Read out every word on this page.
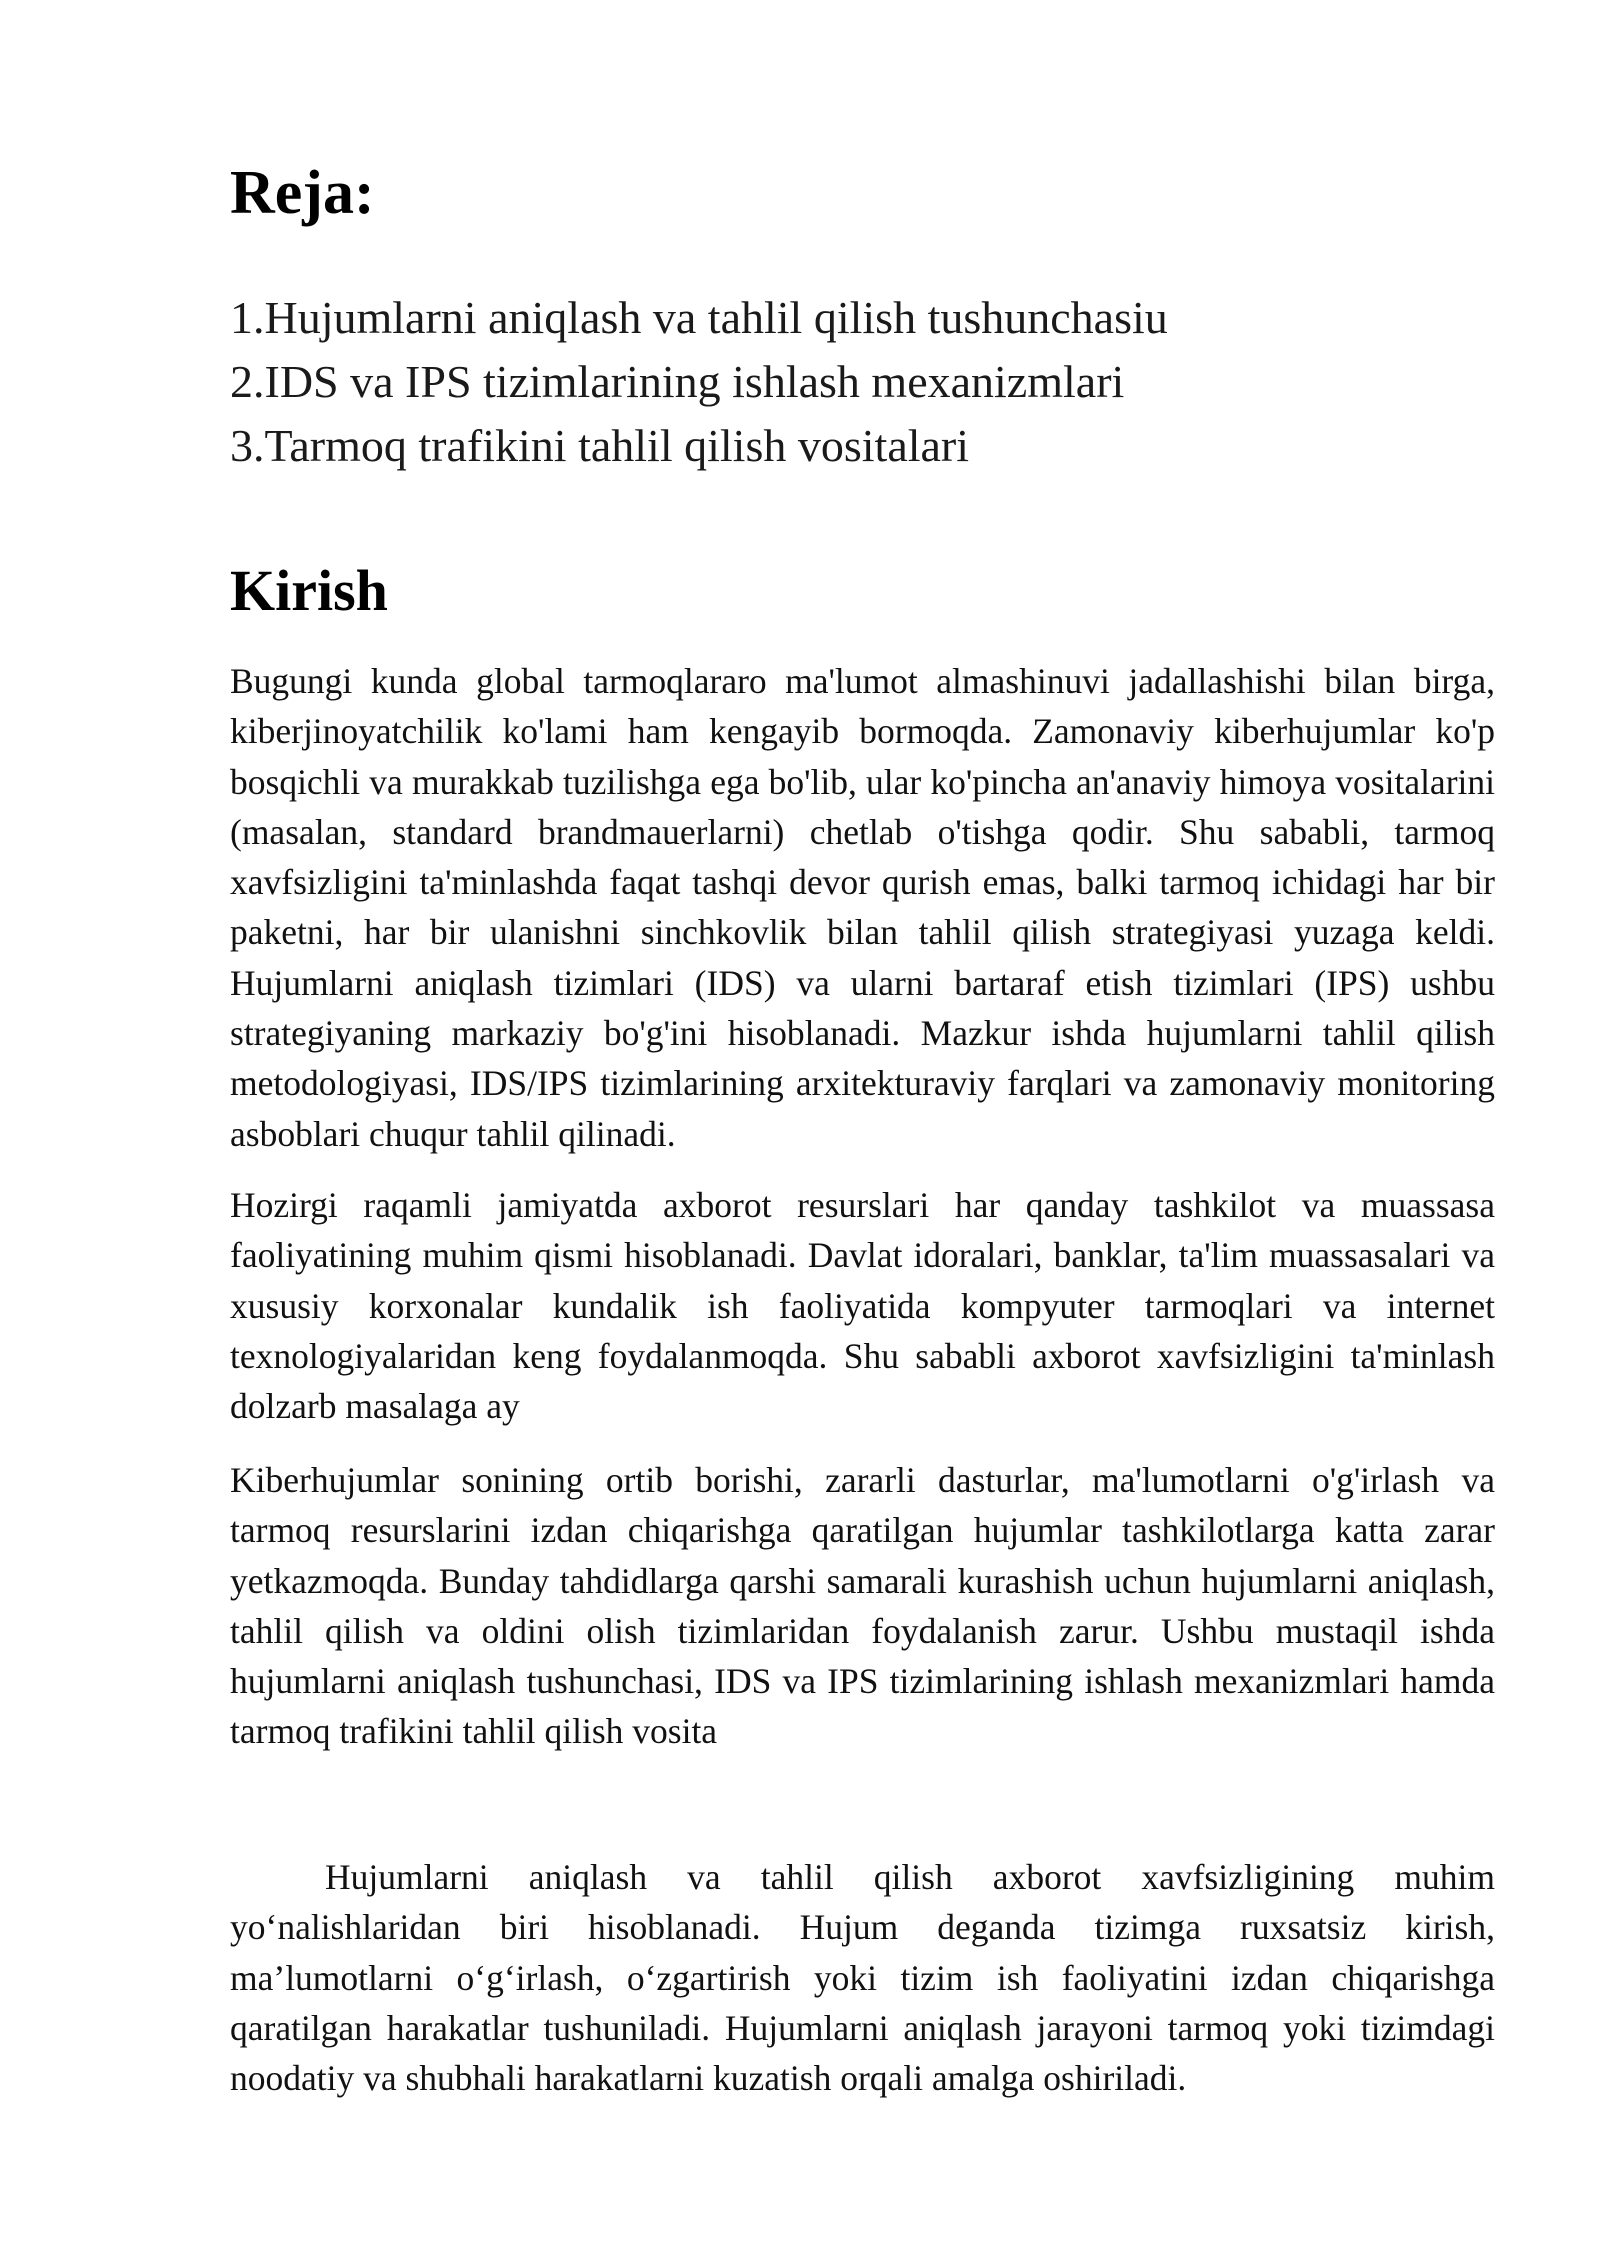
Reja:
1.Hujumlarni aniqlash va tahlil qilish tushunchasiu
2.IDS va IPS tizimlarining ishlash mexanizmlari
3.Tarmoq trafikini tahlil qilish vositalari
Kirish

Bugungi kunda global tarmoqlararo ma'lumot almashinuvi jadallashishi bilan birga, kiberjinoyatchilik ko'lami ham kengayib bormoqda. Zamonaviy kiberhujumlar ko'p bosqichli va murakkab tuzilishga ega bo'lib, ular ko'pincha an'anaviy himoya vositalarini (masalan, standard brandmauerlarni) chetlab o'tishga qodir. Shu sababli, tarmoq xavfsizligini ta'minlashda faqat tashqi devor qurish emas, balki tarmoq ichidagi har bir paketni, har bir ulanishni sinchkovlik bilan tahlil qilish strategiyasi yuzaga keldi. Hujumlarni aniqlash tizimlari (IDS) va ularni bartaraf etish tizimlari (IPS) ushbu strategiyaning markaziy bo'g'ini hisoblanadi. Mazkur ishda hujumlarni tahlil qilish metodologiyasi, IDS/IPS tizimlarining arxitekturaviy farqlari va zamonaviy monitoring asboblari chuqur tahlil qilinadi.

Hozirgi raqamli jamiyatda axborot resurslari har qanday tashkilot va muassasa faoliyatining muhim qismi hisoblanadi. Davlat idoralari, banklar, ta'lim muassasalari va xususiy korxonalar kundalik ish faoliyatida kompyuter tarmoqlari va internet texnologiyalaridan keng foydalanmoqda. Shu sababli axborot xavfsizligini ta'minlash dolzarb masalaga ay

Kiberhujumlar sonining ortib borishi, zararli dasturlar, ma'lumotlarni o'g'irlash va tarmoq resurslarini izdan chiqarishga qaratilgan hujumlar tashkilotlarga katta zarar yetkazmoqda. Bunday tahdidlarga qarshi samarali kurashish uchun hujumlarni aniqlash, tahlil qilish va oldini olish tizimlaridan foydalanish zarur. Ushbu mustaqil ishda hujumlarni aniqlash tushunchasi, IDS va IPS tizimlarining ishlash mexanizmlari hamda tarmoq trafikini tahlil qilish vosita

Hujumlarni aniqlash va tahlil qilish axborot xavfsizligining muhim yo‘nalishlaridan biri hisoblanadi. Hujum deganda tizimga ruxsatsiz kirish, ma’lumotlarni o‘g‘irlash, o‘zgartirish yoki tizim ish faoliyatini izdan chiqarishga qaratilgan harakatlar tushuniladi. Hujumlarni aniqlash jarayoni tarmoq yoki tizimdagi noodatiy va shubhali harakatlarni kuzatish orqali amalga oshiriladi.
